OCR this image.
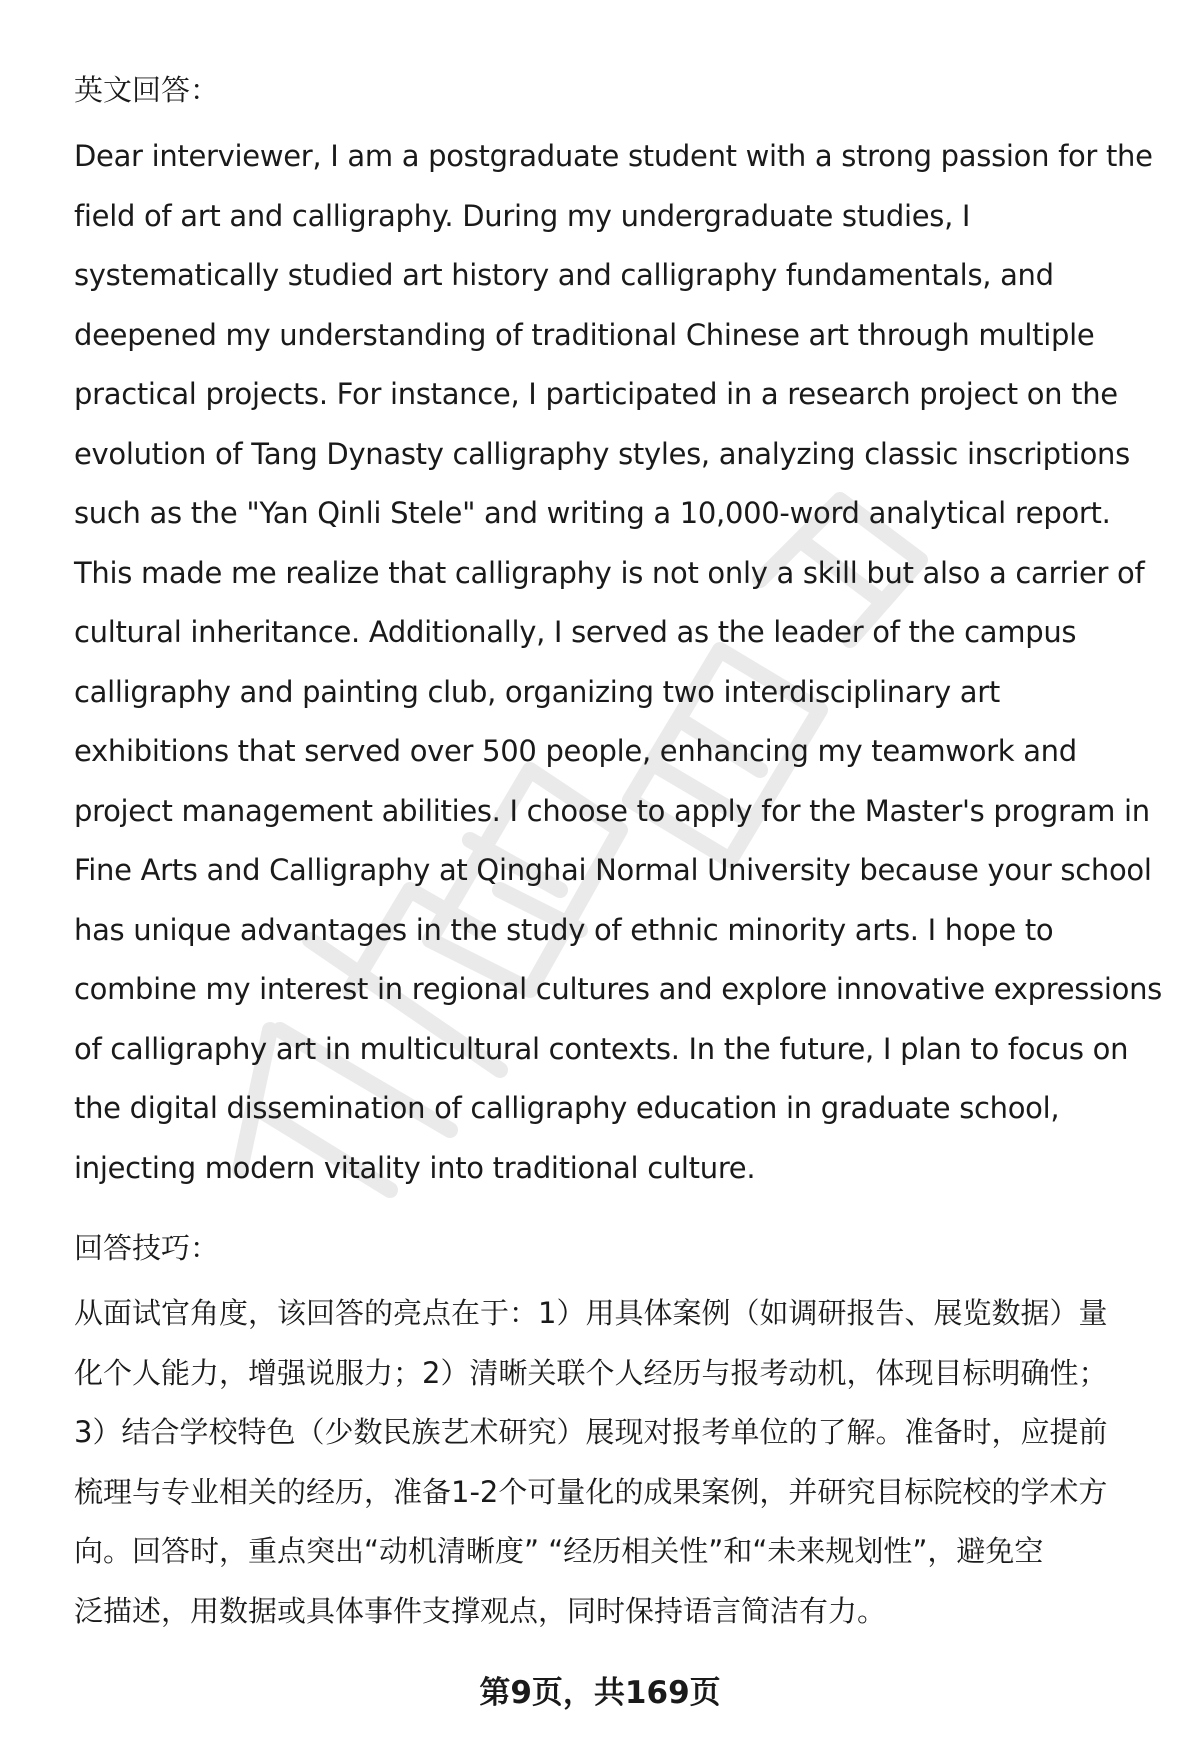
英文回答：
Dear interviewer, I am a postgraduate student with a strong passion for the
field of art and calligraphy. During my undergraduate studies, I
systematically studied art history and calligraphy fundamentals, and
deepened my understanding of traditional Chinese art through multiple
practical projects. For instance, I participated in a research project on the
evolution of Tang Dynasty calligraphy styles, analyzing classic inscriptions
such as the "Yan Qinli Stele" and writing a 10,000-word analytical report.
This made me realize that calligraphy is not only a skill but also a carrier of
cultural inheritance. Additionally, I served as the leader of the campus
calligraphy and painting club, organizing two interdisciplinary art
exhibitions that served over 500 people, enhancing my teamwork and
project management abilities. I choose to apply for the Master's program in
Fine Arts and Calligraphy at Qinghai Normal University because your school
has unique advantages in the study of ethnic minority arts. I hope to
combine my interest in regional cultures and explore innovative expressions
of calligraphy art in multicultural contexts. In the future, I plan to focus on
the digital dissemination of calligraphy education in graduate school,
injecting modern vitality into traditional culture.
回答技巧：
从面试官角度，该回答的亮点在于：1）用具体案例（如调研报告、展览数据）量
化个人能力，增强说服力；2）清晰关联个人经历与报考动机，体现目标明确性；
3）结合学校特色（少数民族艺术研究）展现对报考单位的了解。准备时，应提前
梳理与专业相关的经历，准备1-2个可量化的成果案例，并研究目标院校的学术方
向。回答时，重点突出“动机清晰度” “经历相关性”和“未来规划性”，避免空
泛描述，用数据或具体事件支撑观点，同时保持语言简洁有力。
第9页，共169页
